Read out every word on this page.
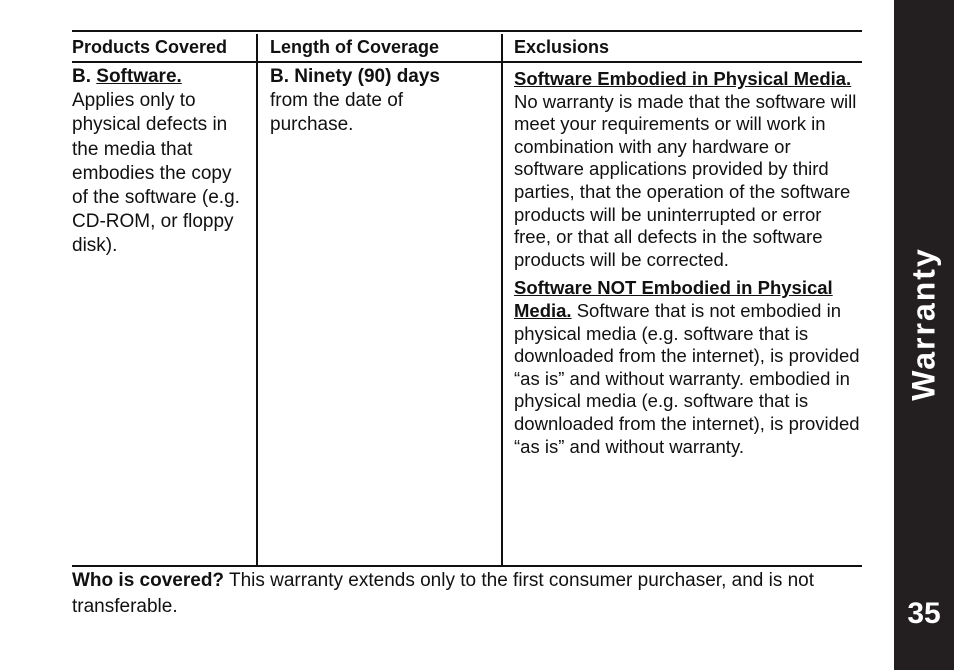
Products Covered	Length of Coverage	Exclusions
B. Software.
Applies only to physical defects in the media that embodies the copy of the software (e.g. CD-ROM, or floppy disk).
B. Ninety (90) days
from the date of purchase.
Software Embodied in Physical Media. No warranty is made that the software will meet your requirements or will work in combination with any hardware or software applications provided by third parties, that the operation of the software products will be uninterrupted or error free, or that all defects in the software products will be corrected.
Software NOT Embodied in Physical Media. Software that is not embodied in physical media (e.g. software that is downloaded from the internet), is provided “as is” and without warranty. embodied in physical media (e.g. software that is downloaded from the internet), is provided “as is” and without warranty.
Who is covered? This warranty extends only to the first consumer purchaser, and is not transferable.
Warranty
35
